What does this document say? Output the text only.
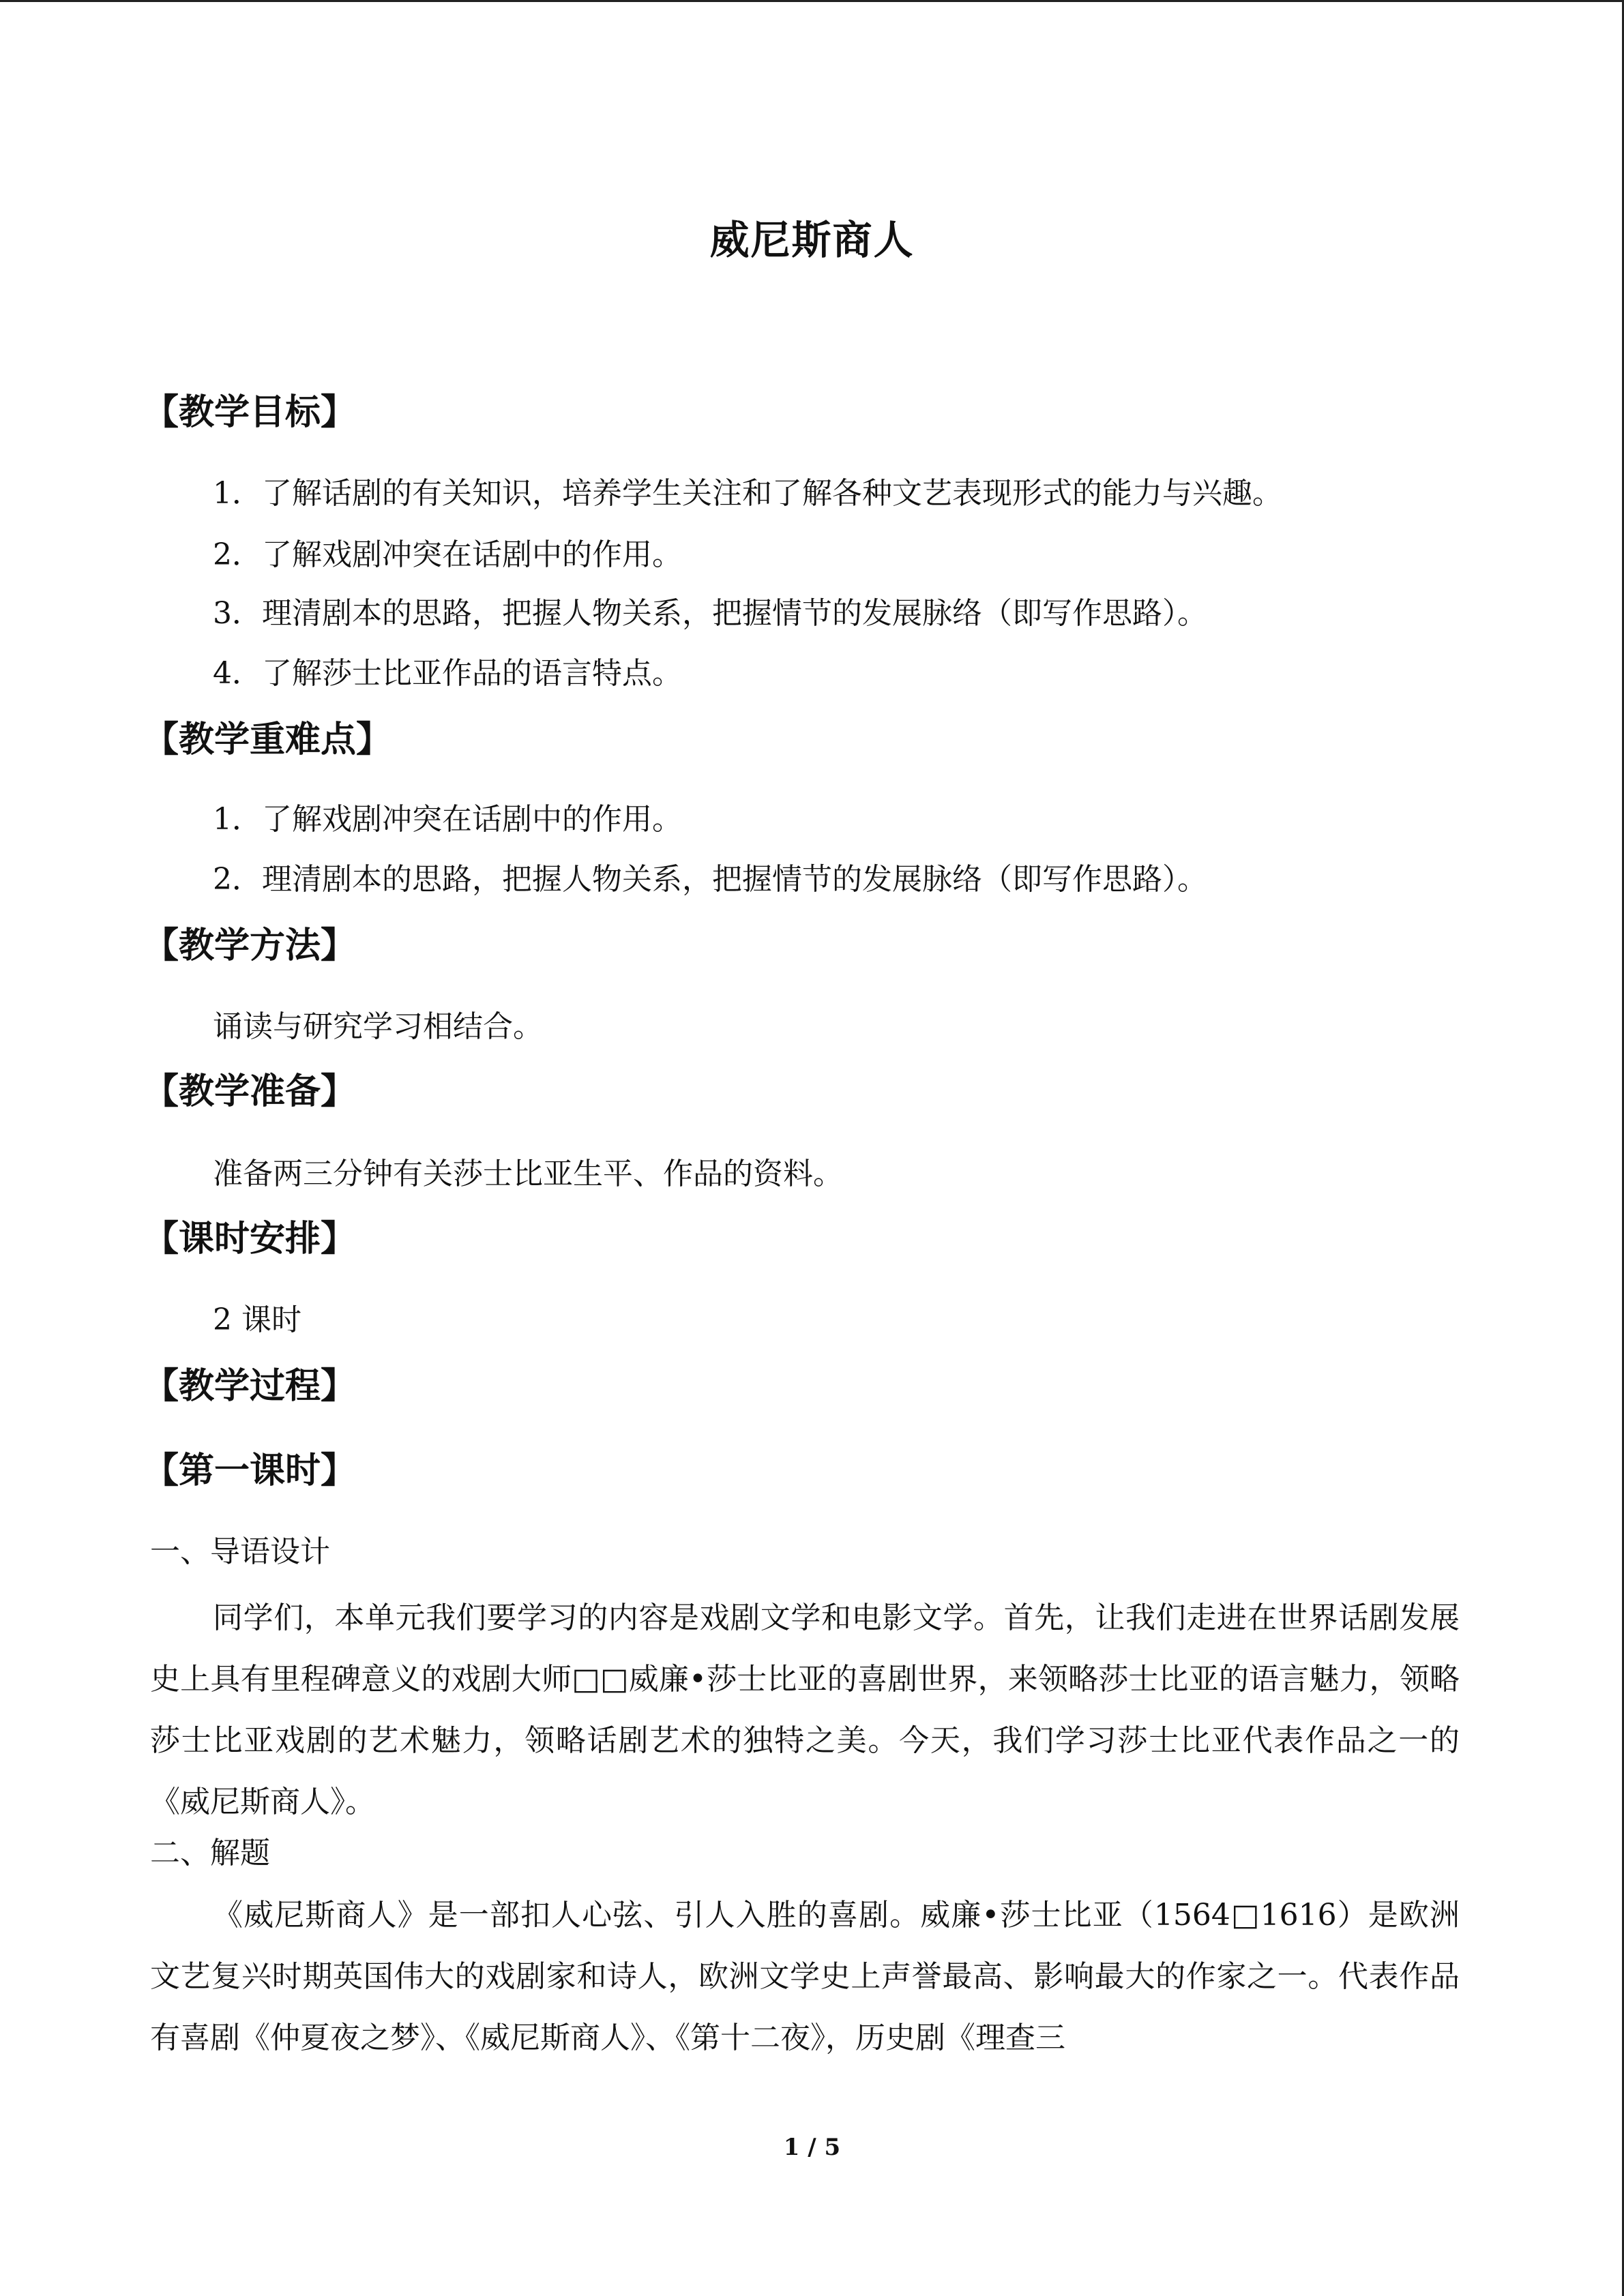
威尼斯商人
【教学目标】
1．了解话剧的有关知识，培养学生关注和了解各种文艺表现形式的能力与兴趣。
2．了解戏剧冲突在话剧中的作用。
3．理清剧本的思路，把握人物关系，把握情节的发展脉络（即写作思路）。
4．了解莎士比亚作品的语言特点。
【教学重难点】
1．了解戏剧冲突在话剧中的作用。
2．理清剧本的思路，把握人物关系，把握情节的发展脉络（即写作思路）。
【教学方法】
诵读与研究学习相结合。
【教学准备】
准备两三分钟有关莎士比亚生平、作品的资料。
【课时安排】
2 课时
【教学过程】
【第一课时】
一、导语设计

同学们，本单元我们要学习的内容是戏剧文学和电影文学。首先，让我们走进在世界话剧发展史上具有里程碑意义的戏剧大师□□威廉•莎士比亚的喜剧世界，来领略莎士比亚的语言魅力，领略莎士比亚戏剧的艺术魅力，领略话剧艺术的独特之美。今天，我们学习莎士比亚代表作品之一的《威尼斯商人》。

二、解题

《威尼斯商人》是一部扣人心弦、引人入胜的喜剧。威廉•莎士比亚（1564□1616）是欧洲文艺复兴时期英国伟大的戏剧家和诗人，欧洲文学史上声誉最高、影响最大的作家之一。代表作品有喜剧《仲夏夜之梦》、《威尼斯商人》、《第十二夜》，历史剧《理查三

1 / 5
